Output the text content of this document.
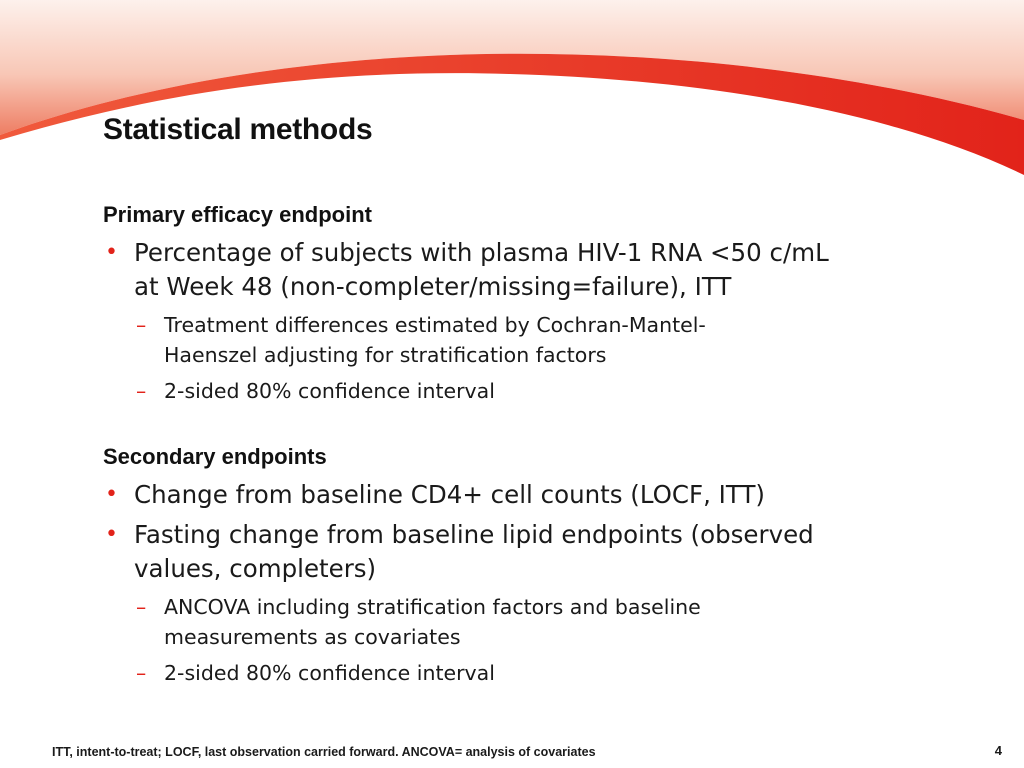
Statistical methods
Primary efficacy endpoint
• Percentage of subjects with plasma HIV-1 RNA <50 c/mL
at Week 48 (non-completer/missing=failure), ITT
– Treatment differences estimated by Cochran-Mantel-
Haenszel adjusting for stratification factors
– 2-sided 80% confidence interval
Secondary endpoints
• Change from baseline CD4+ cell counts (LOCF, ITT)
• Fasting change from baseline lipid endpoints (observed
values, completers)
– ANCOVA including stratification factors and baseline
measurements as covariates
– 2-sided 80% confidence interval
ITT, intent-to-treat; LOCF, last observation carried forward. ANCOVA= analysis of covariates	4
